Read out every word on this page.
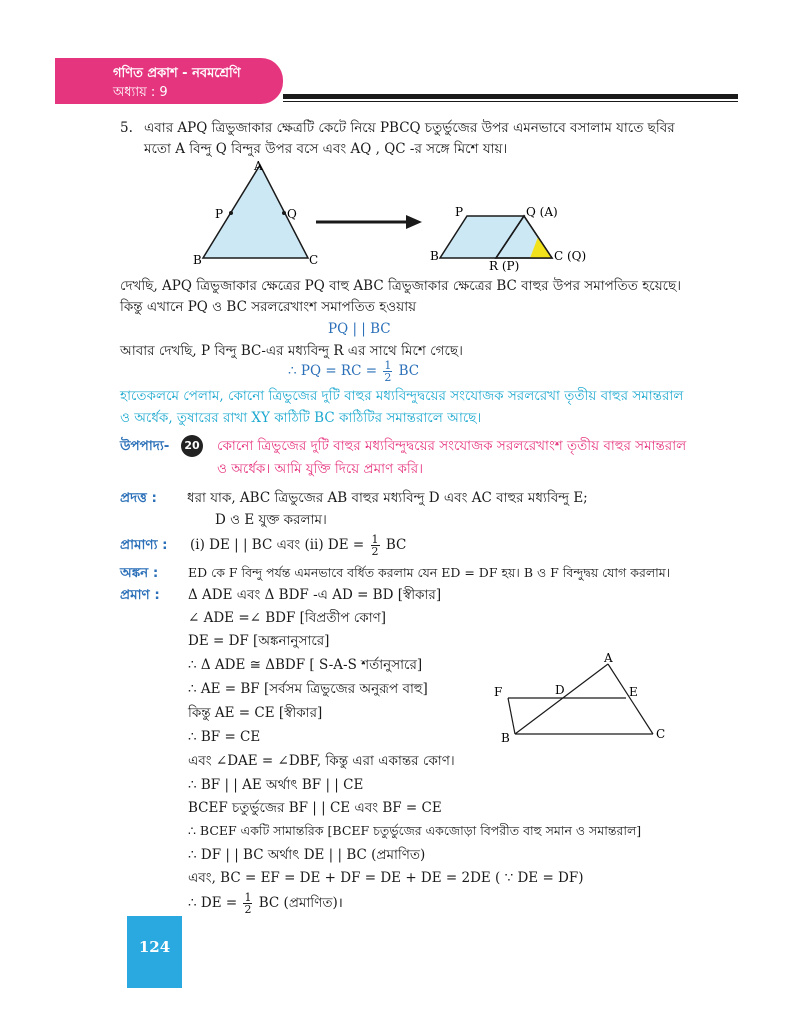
গণিত প্রকাশ - নবমশ্রেণি
অধ্যায় : 9
5. এবার APQ ত্রিভুজাকার ক্ষেত্রটি কেটে নিয়ে PBCQ চতুর্ভুজের উপর এমনভাবে বসালাম যাতে ছবির
মতো A বিন্দু Q বিন্দুর উপর বসে এবং AQ , QC -র সঙ্গে মিশে যায়।
A
P	Q
B	C
P	Q (A)
B
R (P)
C (Q)
দেখছি, APQ ত্রিভুজাকার ক্ষেত্রের PQ বাহু ABC ত্রিভুজাকার ক্ষেত্রের BC বাহুর উপর সমাপতিত হয়েছে।
কিন্তু এখানে PQ ও BC সরলরেখাংশ সমাপতিত হওয়ায়
PQ | | BC
আবার দেখছি, P বিন্দু BC-এর মধ্যবিন্দু R এর সাথে মিশে গেছে।
∴ PQ = RC = $\frac{1}{2}$ BC
হাতেকলমে পেলাম, কোনো ত্রিভুজের দুটি বাহুর মধ্যবিন্দুদ্বয়ের সংযোজক সরলরেখা তৃতীয় বাহুর সমান্তরাল
ও অর্ধেক, তুষারের রাখা XY কাঠিটি BC কাঠিটির সমান্তরালে আছে।
উপপাদ্য-	20 কোনো ত্রিভুজের দুটি বাহুর মধ্যবিন্দুদ্বয়ের সংযোজক সরলরেখাংশ তৃতীয় বাহুর সমান্তরাল
ও অর্ধেক। আমি যুক্তি দিয়ে প্রমাণ করি।
প্রদত্ত : ধরা যাক, ABC ত্রিভুজের AB বাহুর মধ্যবিন্দু D এবং AC বাহুর মধ্যবিন্দু E;
D ও E যুক্ত করলাম।
প্রামাণ্য : (i) DE | | BC এবং (ii) DE = $\frac{1}{2}$ BC
অঙ্কন : ED কে F বিন্দু পর্যন্ত এমনভাবে বর্ধিত করলাম যেন ED = DF হয়। B ও F বিন্দুদ্বয় যোগ করলাম।
প্রমাণ : Δ ADE এবং Δ BDF -এ AD = BD [স্বীকার]
∠ ADE =∠ BDF [বিপ্রতীপ কোণ]
DE = DF [অঙ্কনানুসারে]
∴ Δ ADE ≅ ΔBDF [ S-A-S শর্তানুসারে]
∴ AE = BF [সর্বসম ত্রিভুজের অনুরূপ বাহু]
কিন্তু AE = CE [স্বীকার]
∴ BF = CE
এবং ∠DAE = ∠DBF, কিন্তু এরা একান্তর কোণ।
∴ BF | | AE অর্থাৎ BF | | CE
BCEF চতুর্ভুজের BF | | CE এবং BF = CE
∴ BCEF একটি সামান্তরিক [BCEF চতুর্ভুজের একজোড়া বিপরীত বাহু সমান ও সমান্তরাল]
∴ DF | | BC অর্থাৎ DE | | BC (প্রমাণিত)
এবং, BC = EF = DE + DF = DE + DE = 2DE ( ∵ DE = DF)
∴ DE = $\frac{1}{2}$ BC (প্রমাণিত)।
A
F	D	E
B	C
124
